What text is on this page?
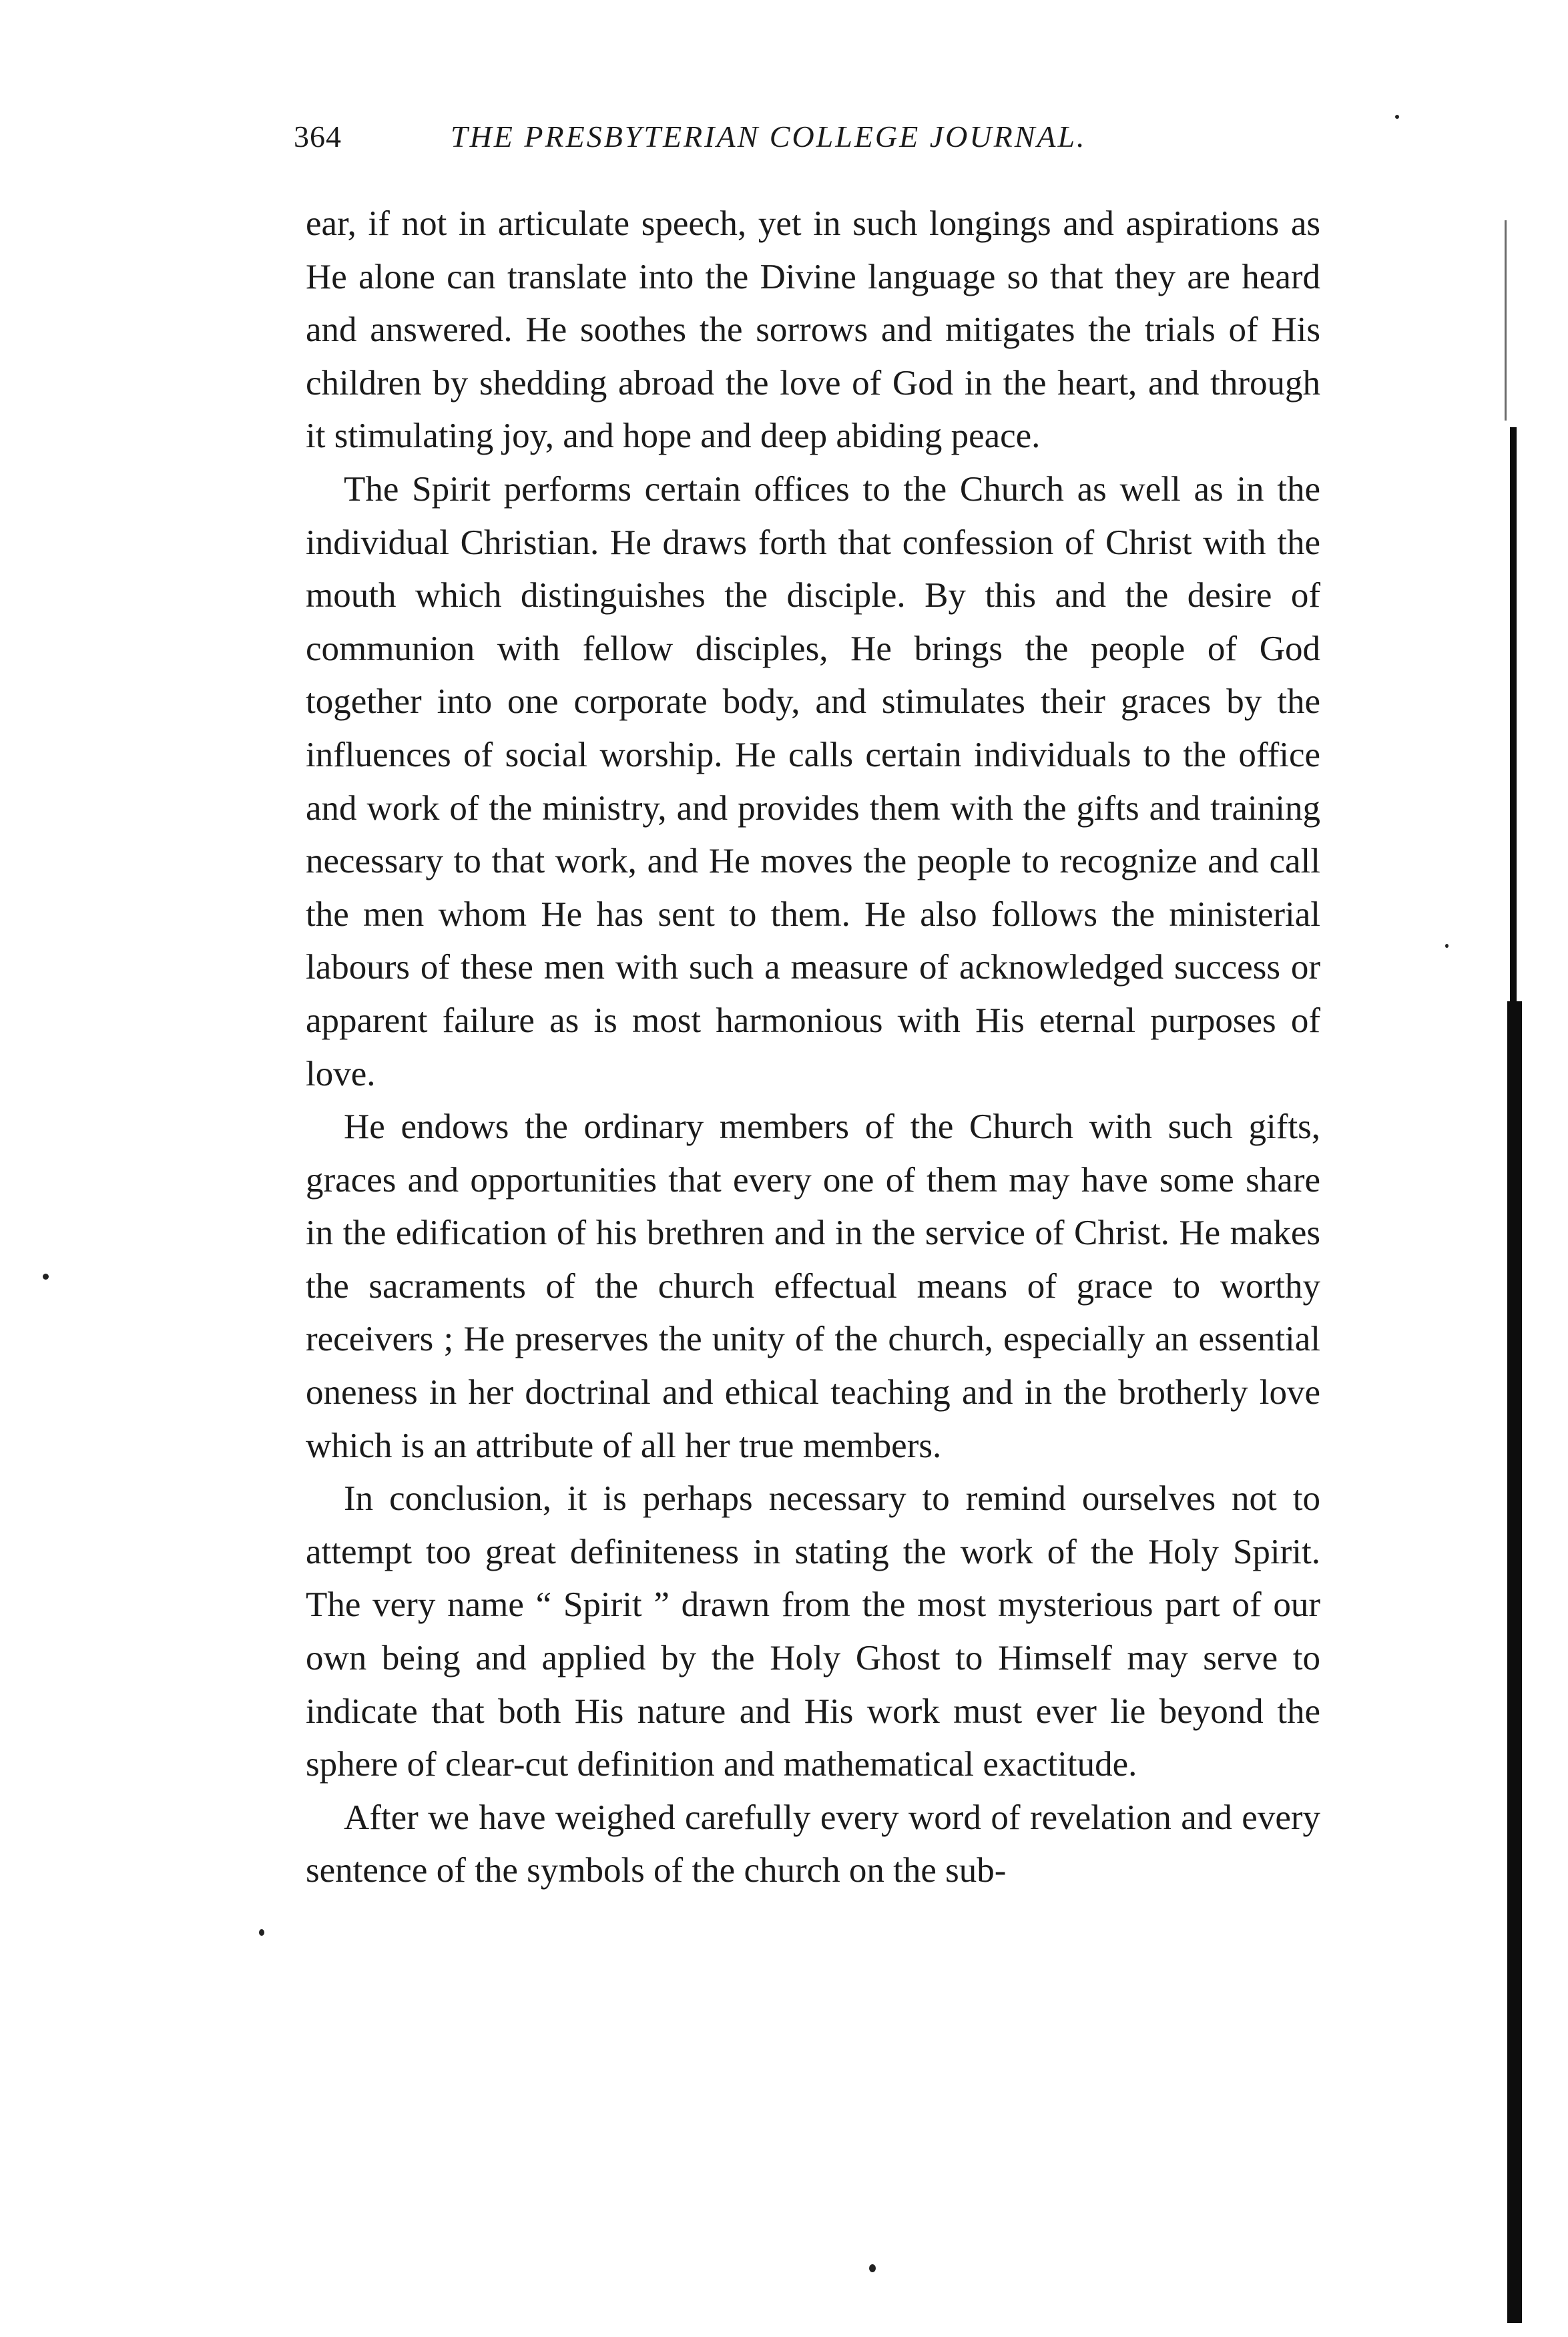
364	THE PRESBYTERIAN COLLEGE JOURNAL.

ear, if not in articulate speech, yet in such longings and aspirations as He alone can translate into the Divine language so that they are heard and answered. He soothes the sorrows and mitigates the trials of His children by shedding abroad the love of God in the heart, and through it stimulating joy, and hope and deep abiding peace.

The Spirit performs certain offices to the Church as well as in the individual Christian. He draws forth that confession of Christ with the mouth which distinguishes the disciple. By this and the desire of communion with fellow disciples, He brings the people of God together into one corporate body, and stimulates their graces by the influences of social worship. He calls certain individuals to the office and work of the ministry, and provides them with the gifts and training necessary to that work, and He moves the people to recognize and call the men whom He has sent to them. He also follows the ministerial labours of these men with such a measure of acknowledged success or apparent failure as is most harmonious with His eternal purposes of love.

He endows the ordinary members of the Church with such gifts, graces and opportunities that every one of them may have some share in the edification of his brethren and in the service of Christ. He makes the sacraments of the church effectual means of grace to worthy receivers ; He preserves the unity of the church, especially an essential oneness in her doctrinal and ethical teaching and in the brotherly love which is an attribute of all her true members.

In conclusion, it is perhaps necessary to remind ourselves not to attempt too great definiteness in stating the work of the Holy Spirit. The very name “ Spirit ” drawn from the most mysterious part of our own being and applied by the Holy Ghost to Himself may serve to indicate that both His nature and His work must ever lie beyond the sphere of clear-cut definition and mathematical exactitude.

After we have weighed carefully every word of revelation and every sentence of the symbols of the church on the sub-
